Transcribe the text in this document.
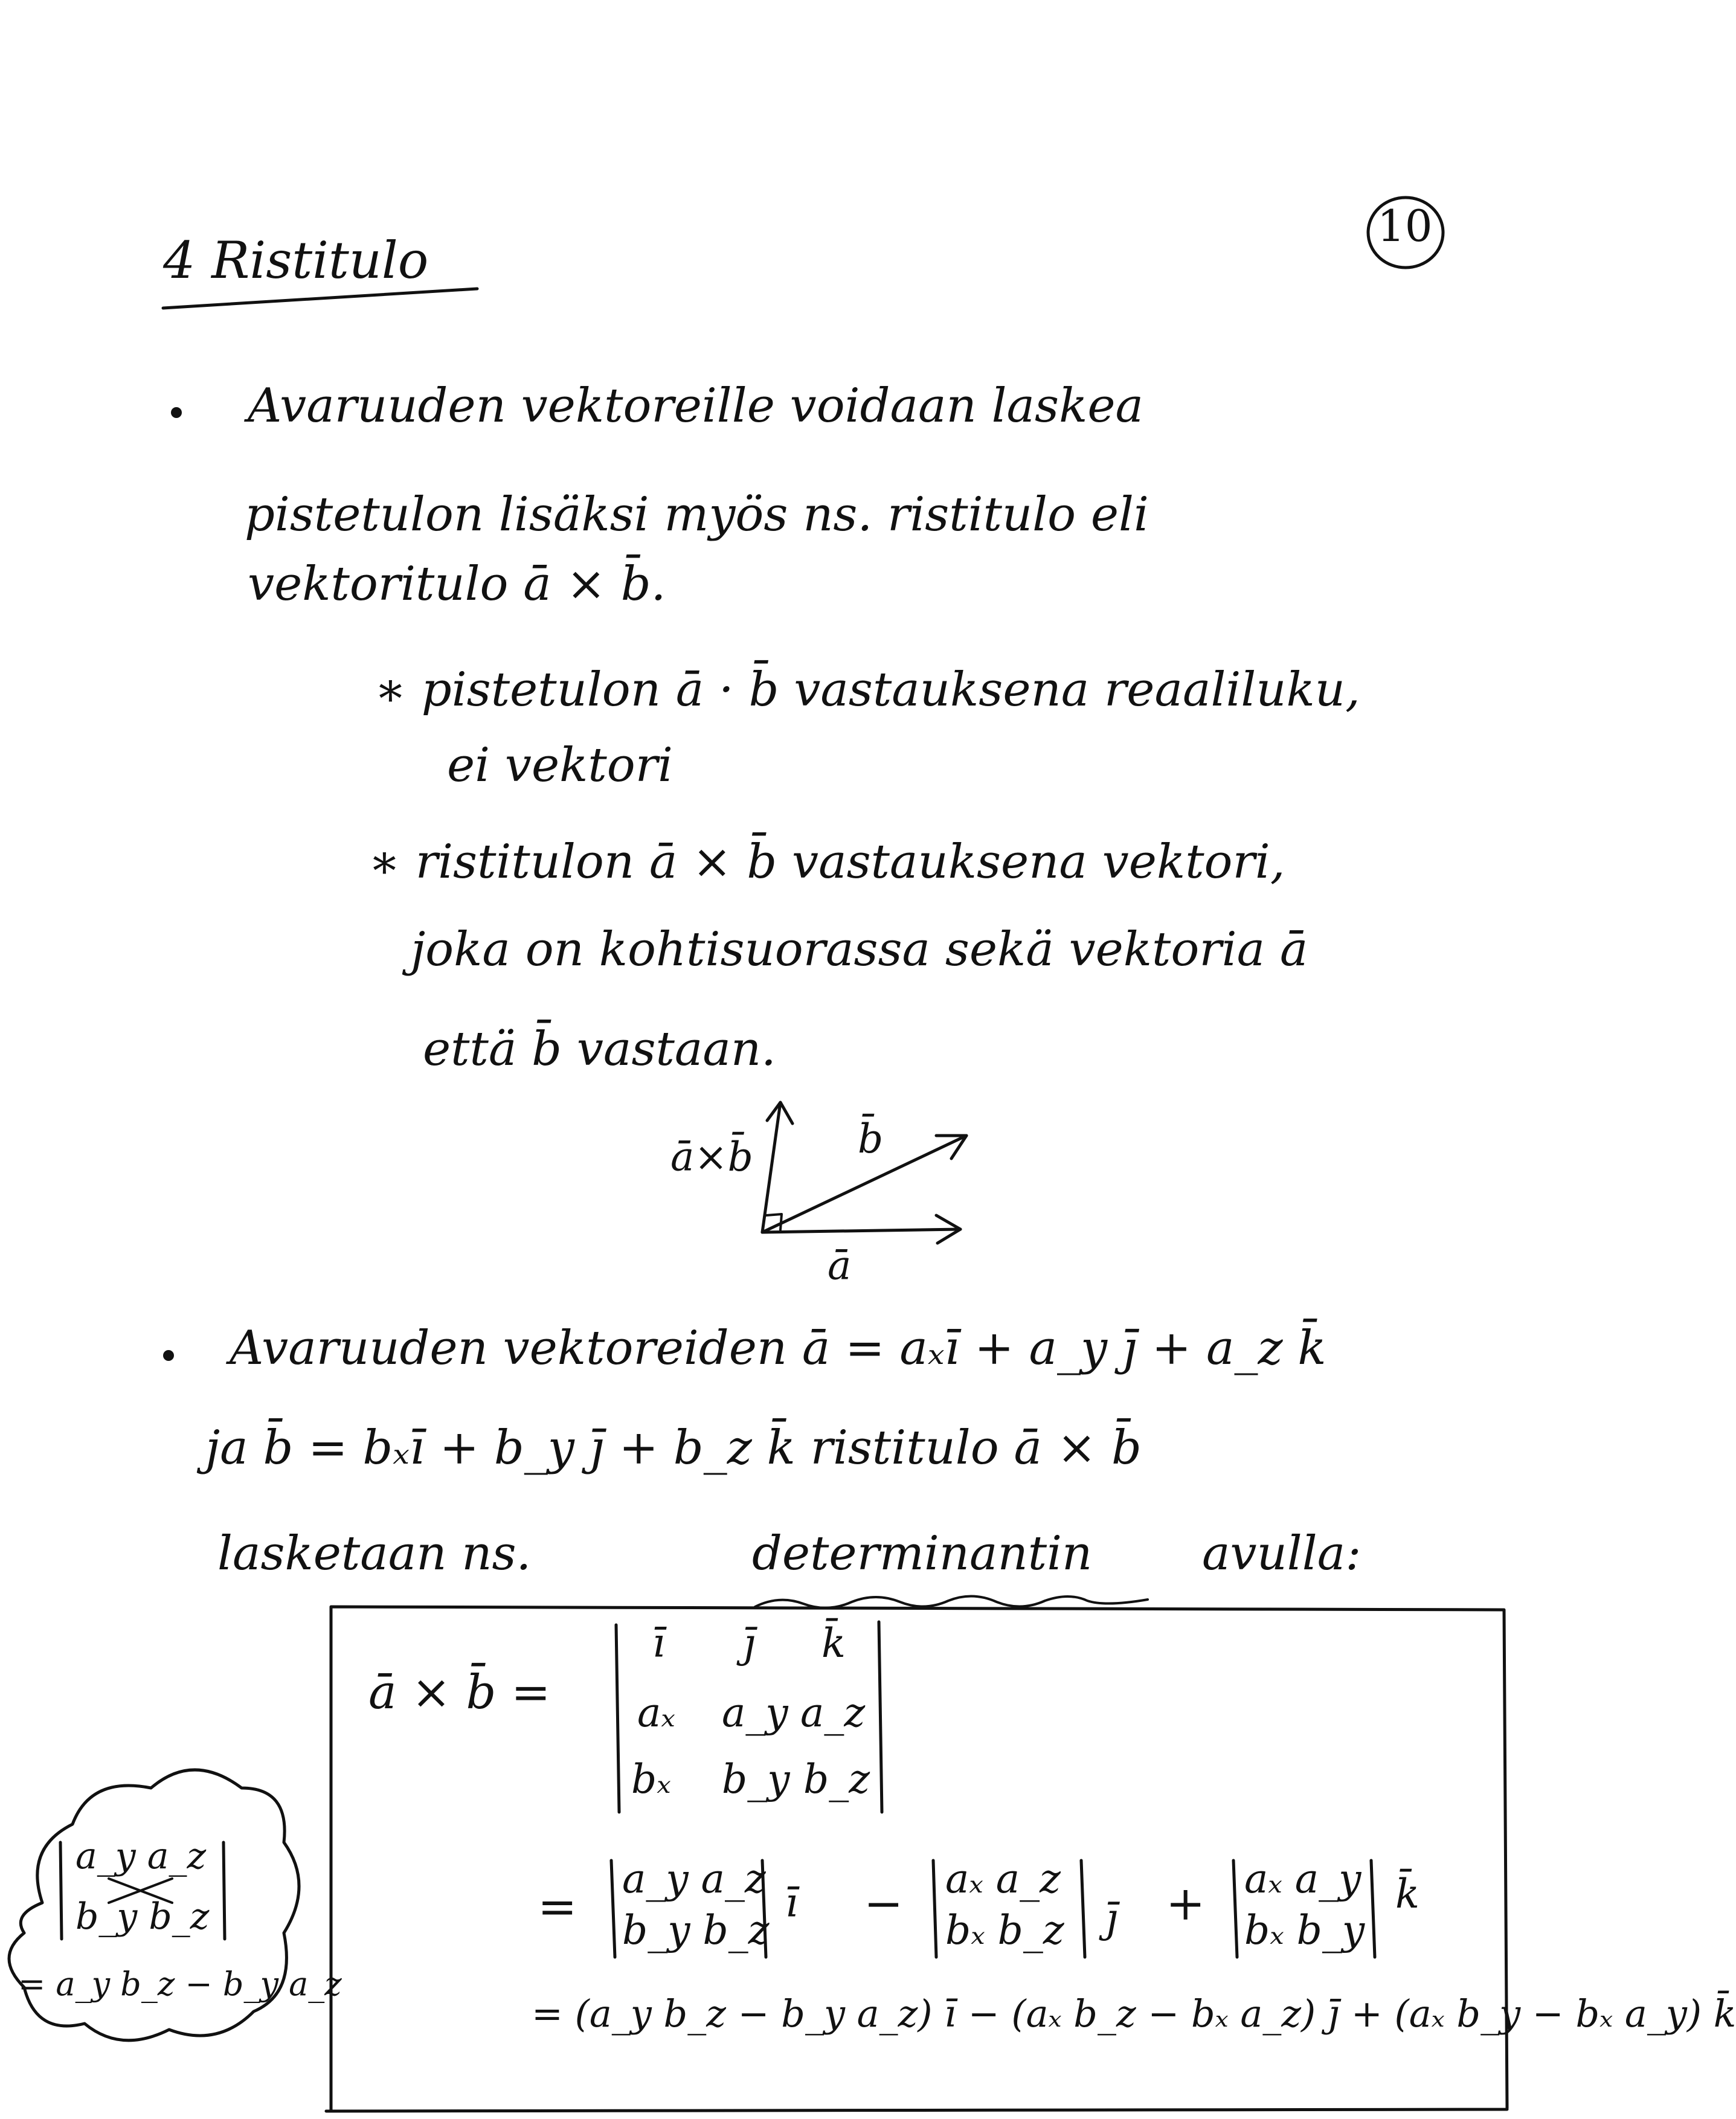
10
4 Ristitulo
Avaruuden vektoreille voidaan laskea
pistetulon lisäksi myös ns. ristitulo eli
vektoritulo ā × b̄.
∗ pistetulon ā · b̄ vastauksena reaaliluku,
ei vektori
∗ ristitulon ā × b̄ vastauksena vektori,
joka on kohtisuorassa sekä vektoria ā
että b̄ vastaan.
ā×b̄	b̄
ā
Avaruuden vektoreiden ā = aₓī + a_y j̄ + a_z k̄
ja b̄ = bₓī + b_y j̄ + b_z k̄ ristitulo ā × b̄
lasketaan ns.	determinantin avulla:
ā × b̄ =
ī j̄ k̄
aₓ a_y a_z
bₓ b_y b_z
=
a_y a_z
b_y b_z
ī − aₓ a_z
bₓ b_z j̄ + aₓ a_y
bₓ b_y
k̄
= (a_y b_z − b_y a_z) ī − (aₓ b_z − bₓ a_z) j̄ + (aₓ b_y − bₓ a_y) k̄
a_y a_z
b_y b_z
= a_y b_z − b_y a_z
